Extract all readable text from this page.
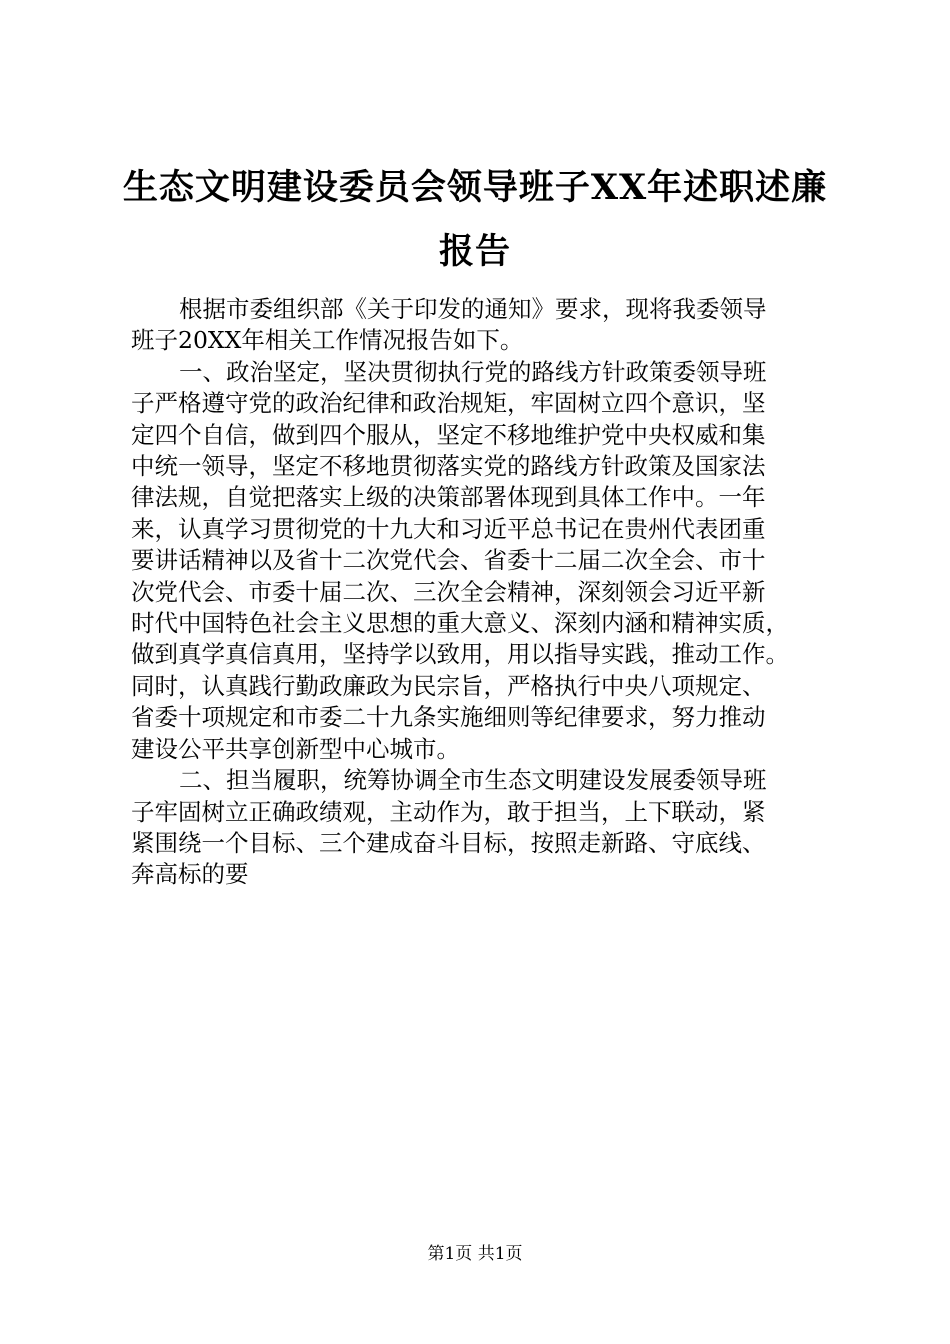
生态文明建设委员会领导班子XX年述职述廉
报告
根据市委组织部《关于印发的通知》要求，现将我委领导
班子20XX年相关工作情况报告如下。
一、政治坚定，坚决贯彻执行党的路线方针政策委领导班
子严格遵守党的政治纪律和政治规矩，牢固树立四个意识，坚
定四个自信，做到四个服从，坚定不移地维护党中央权威和集
中统一领导，坚定不移地贯彻落实党的路线方针政策及国家法
律法规，自觉把落实上级的决策部署体现到具体工作中。一年
来，认真学习贯彻党的十九大和习近平总书记在贵州代表团重
要讲话精神以及省十二次党代会、省委十二届二次全会、市十
次党代会、市委十届二次、三次全会精神，深刻领会习近平新
时代中国特色社会主义思想的重大意义、深刻内涵和精神实质，
做到真学真信真用，坚持学以致用，用以指导实践，推动工作。
同时，认真践行勤政廉政为民宗旨，严格执行中央八项规定、
省委十项规定和市委二十九条实施细则等纪律要求，努力推动
建设公平共享创新型中心城市。
二、担当履职，统筹协调全市生态文明建设发展委领导班
子牢固树立正确政绩观，主动作为，敢于担当，上下联动，紧
紧围绕一个目标、三个建成奋斗目标，按照走新路、守底线、
奔高标的要
第1页 共1页
